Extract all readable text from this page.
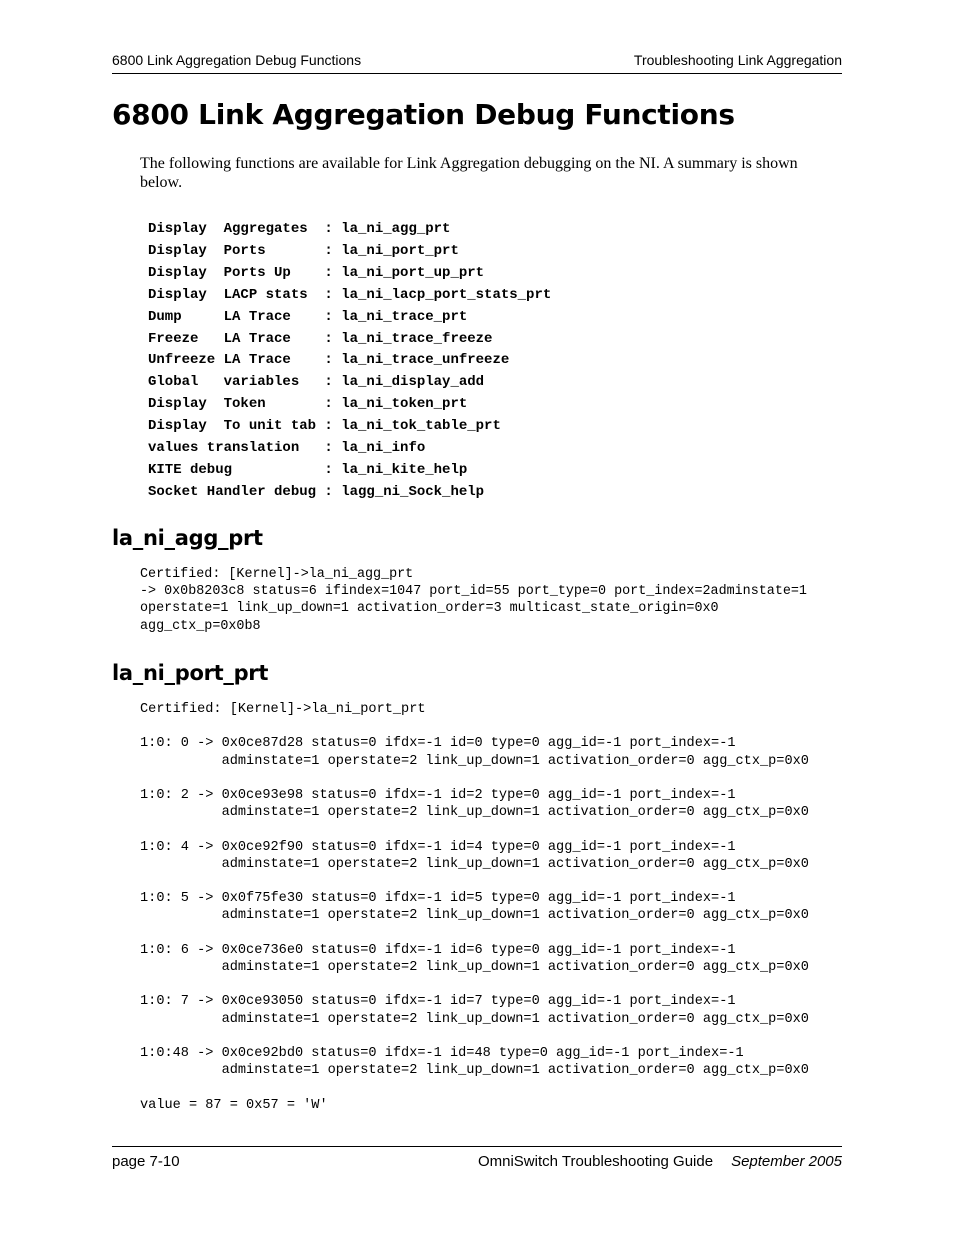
6800 Link Aggregation Debug Functions	Troubleshooting Link Aggregation
6800 Link Aggregation Debug Functions

The following functions are available for Link Aggregation debugging on the NI. A summary is shown below.

Display  Aggregates  : la_ni_agg_prt
Display  Ports       : la_ni_port_prt
Display  Ports Up    : la_ni_port_up_prt
Display  LACP stats  : la_ni_lacp_port_stats_prt
Dump     LA Trace    : la_ni_trace_prt
Freeze   LA Trace    : la_ni_trace_freeze
Unfreeze LA Trace    : la_ni_trace_unfreeze
Global   variables   : la_ni_display_add
Display  Token       : la_ni_token_prt
Display  To unit tab : la_ni_tok_table_prt
values translation   : la_ni_info
KITE debug           : la_ni_kite_help
Socket Handler debug : lagg_ni_Sock_help
la_ni_agg_prt
Certified: [Kernel]->la_ni_agg_prt
-> 0x0b8203c8 status=6 ifindex=1047 port_id=55 port_type=0 port_index=2adminstate=1
operstate=1 link_up_down=1 activation_order=3 multicast_state_origin=0x0
agg_ctx_p=0x0b8
la_ni_port_prt
Certified: [Kernel]->la_ni_port_prt

1:0: 0 -> 0x0ce87d28 status=0 ifdx=-1 id=0 type=0 agg_id=-1 port_index=-1
adminstate=1 operstate=2 link_up_down=1 activation_order=0 agg_ctx_p=0x0

1:0: 2 -> 0x0ce93e98 status=0 ifdx=-1 id=2 type=0 agg_id=-1 port_index=-1
adminstate=1 operstate=2 link_up_down=1 activation_order=0 agg_ctx_p=0x0

1:0: 4 -> 0x0ce92f90 status=0 ifdx=-1 id=4 type=0 agg_id=-1 port_index=-1
adminstate=1 operstate=2 link_up_down=1 activation_order=0 agg_ctx_p=0x0

1:0: 5 -> 0x0f75fe30 status=0 ifdx=-1 id=5 type=0 agg_id=-1 port_index=-1
adminstate=1 operstate=2 link_up_down=1 activation_order=0 agg_ctx_p=0x0

1:0: 6 -> 0x0ce736e0 status=0 ifdx=-1 id=6 type=0 agg_id=-1 port_index=-1
adminstate=1 operstate=2 link_up_down=1 activation_order=0 agg_ctx_p=0x0

1:0: 7 -> 0x0ce93050 status=0 ifdx=-1 id=7 type=0 agg_id=-1 port_index=-1
adminstate=1 operstate=2 link_up_down=1 activation_order=0 agg_ctx_p=0x0

1:0:48 -> 0x0ce92bd0 status=0 ifdx=-1 id=48 type=0 agg_id=-1 port_index=-1
adminstate=1 operstate=2 link_up_down=1 activation_order=0 agg_ctx_p=0x0

value = 87 = 0x57 = 'W'
page 7-10	OmniSwitch Troubleshooting Guide September 2005
